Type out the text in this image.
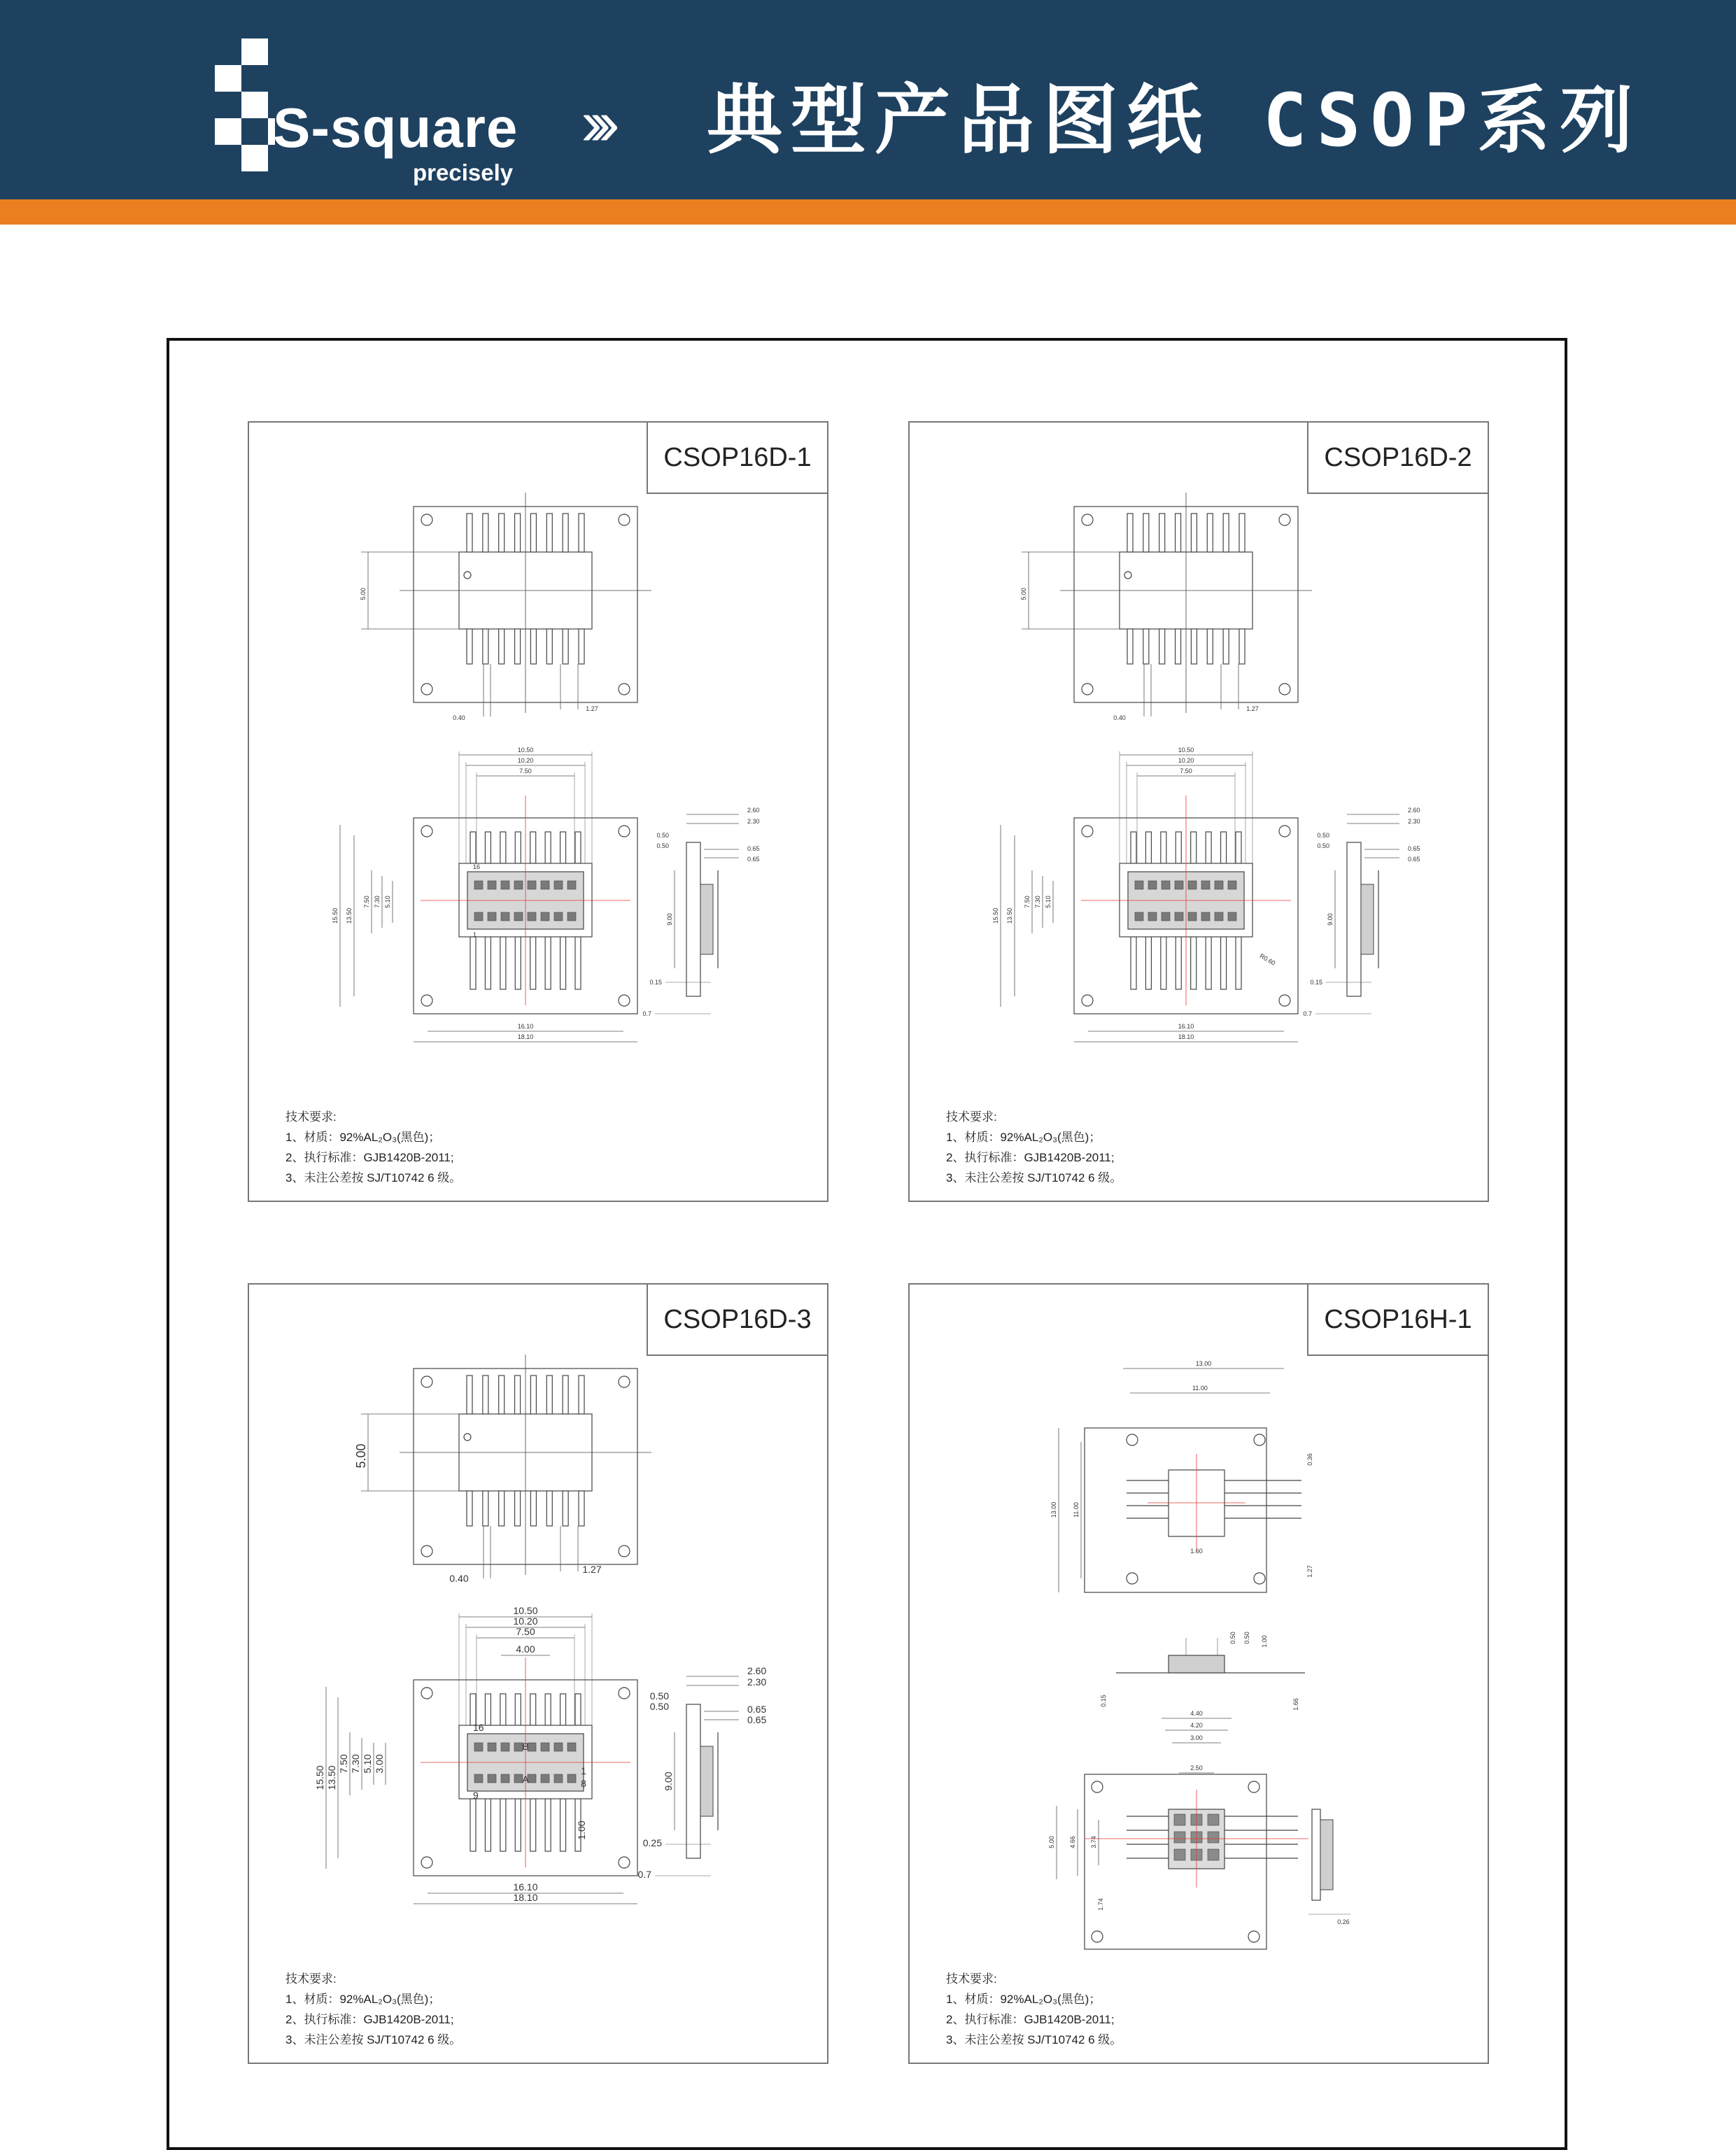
S-square
precisely
››› 典型产品图纸 CSOP系列
CSOP16D-1
5.00
0.40
1.27
10.50
10.20
7.50
2.60
2.30
0.50
0.50	0.65
0.65
15.50 13.50
7.50 7.30 5.10
9.00
0.15
0.7
16.10
18.10
16
1
技术要求:
1、材质：92%AL₂O₃(黑色)；
2、执行标准：GJB1420B-2011;
3、未注公差按 SJ/T10742 6 级。
CSOP16D-2
5.00
0.40
1.27
10.50
10.20
7.50
2.60
2.30
0.50
0.50	0.65
0.65
15.50 13.50
7.50 7.30 5.10
9.00
0.15
0.7
16.10
18.10
R0.60
技术要求:
1、材质：92%AL₂O₃(黑色)；
2、执行标准：GJB1420B-2011;
3、未注公差按 SJ/T10742 6 级。
CSOP16D-3
5.00
0.40
1.27
10.50
10.20
7.50
4.00
2.60
2.30
0.50
0.50	0.65
0.65
15.50 13.50
7.50 7.30 5.10 3.00
9.00
1.00
0.25
0.7
16.10
18.10
16
9
1
8
B
A
技术要求:
1、材质：92%AL₂O₃(黑色)；
2、执行标准：GJB1420B-2011;
3、未注公差按 SJ/T10742 6 级。
CSOP16H-1
13.00
11.00
13.00 11.00
0.36
1.27
1.60
0.50 0.50 1.00
0.15	1.66
4.40
4.20
3.00
2.50
5.00 4.66 3.74
1.74
0.26
技术要求:
1、材质：92%AL₂O₃(黑色)；
2、执行标准：GJB1420B-2011;
3、未注公差按 SJ/T10742 6 级。
